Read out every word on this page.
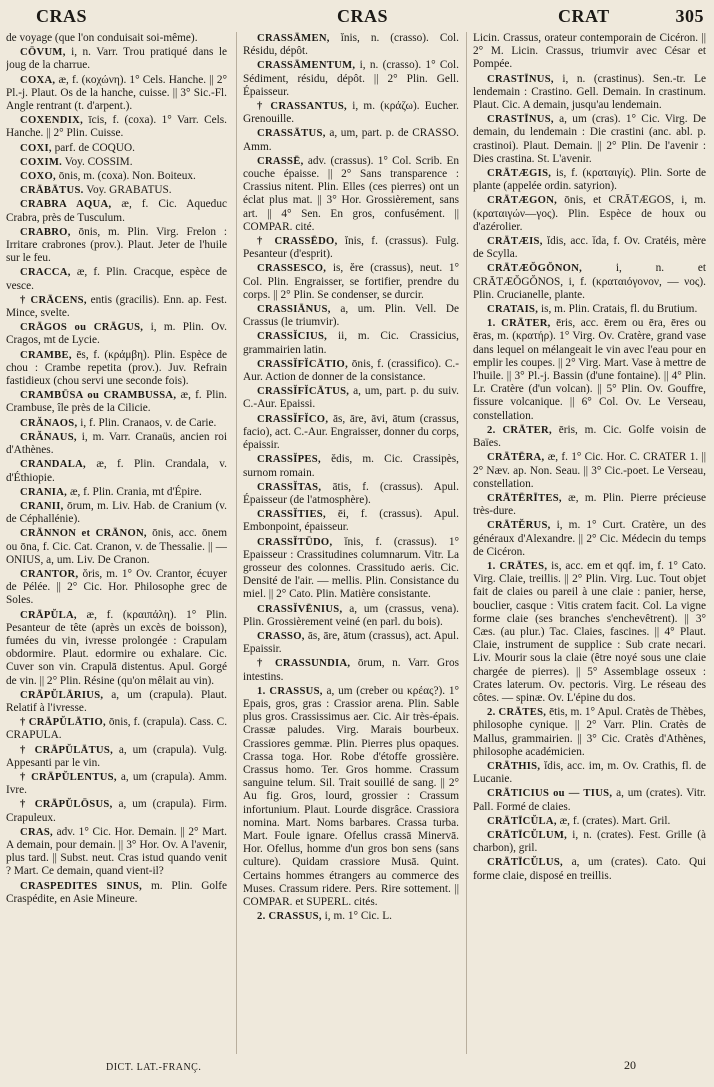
CRAS	CRAS	CRAT	305

de voyage (que l'on conduisait soi-même).

CŌVUM, i, n. Varr. Trou pratiqué dans le joug de la charrue.

COXA, æ, f. (κοχώνη). 1° Cels. Hanche. || 2° Pl.-j. Plaut. Os de la hanche, cuisse. || 3° Sic.-Fl. Angle rentrant (t. d'arpent.).

COXENDIX, īcis, f. (coxa). 1° Varr. Cels. Hanche. || 2° Plin. Cuisse.

COXI, parf. de COQUO.

COXIM. Voy. COSSIM.

COXO, ōnis, m. (coxa). Non. Boiteux.

CRĀBĀTUS. Voy. GRABATUS.

CRABRA AQUA, æ, f. Cic. Aqueduc Crabra, près de Tusculum.

CRABRO, ōnis, m. Plin. Virg. Frelon : Irritare crabrones (prov.). Plaut. Jeter de l'huile sur le feu.

CRACCA, æ, f. Plin. Cracque, espèce de vesce.

† CRĀCENS, entis (gracilis). Enn. ap. Fest. Mince, svelte.

CRĀGOS ou CRĀGUS, i, m. Plin. Ov. Cragos, mt de Lycie.

CRAMBE, ēs, f. (κράμβη). Plin. Espèce de chou : Crambe repetita (prov.). Juv. Refrain fastidieux (chou servi une seconde fois).

CRAMBŪSA ou CRAMBUSSA, æ, f. Plin. Crambuse, île près de la Cilicie.

CRĂNAOS, i, f. Plin. Cranaos, v. de Carie.

CRĂNAUS, i, m. Varr. Cranaüs, ancien roi d'Athènes.

CRANDALA, æ, f. Plin. Crandala, v. d'Éthiopie.

CRANIA, æ, f. Plin. Crania, mt d'Épire.

CRANII, ōrum, m. Liv. Hab. de Cranium (v. de Céphallénie).

CRĀNNON et CRĀNON, ōnis, acc. ōnem ou ōna, f. Cic. Cat. Cranon, v. de Thessalie. || — ONIUS, a, um. Liv. De Cranon.

CRANTOR, ŏris, m. 1° Ov. Crantor, écuyer de Pélée. || 2° Cic. Hor. Philosophe grec de Soles.

CRĀPŬLA, æ, f. (κραιπάλη). 1° Plin. Pesanteur de tête (après un excès de boisson), fumées du vin, ivresse prolongée : Crapulam obdormire. Plaut. edormire ou exhalare. Cic. Cuver son vin. Crapulā distentus. Apul. Gorgé de vin. || 2° Plin. Résine (qu'on mêlait au vin).

CRĀPŬLĀRIUS, a, um (crapula). Plaut. Relatif à l'ivresse.

† CRĀPŬLĀTIO, ōnis, f. (crapula). Cass. C. CRAPULA.

† CRĀPŬLĀTUS, a, um (crapula). Vulg. Appesanti par le vin.

† CRĀPŬLENTUS, a, um (crapula). Amm. Ivre.

† CRĀPŬLŌSUS, a, um (crapula). Firm. Crapuleux.

CRAS, adv. 1° Cic. Hor. Demain. || 2° Mart. A demain, pour demain. || 3° Hor. Ov. A l'avenir, plus tard. || Subst. neut. Cras istud quando venit ? Mart. Ce demain, quand vient-il?

CRASPEDITES SINUS, m. Plin. Golfe Craspédite, en Asie Mineure.

CRASSĀMEN, ĭnis, n. (crasso). Col. Résidu, dépôt.

CRASSĀMENTUM, i, n. (crasso). 1° Col. Sédiment, résidu, dépôt. || 2° Plin. Gell. Épaisseur.

† CRASSANTUS, i, m. (κράζω). Eucher. Grenouille.

CRASSĀTUS, a, um, part. p. de CRASSO. Amm.

CRASSĒ, adv. (crassus). 1° Col. Scrib. En couche épaisse. || 2° Sans transparence : Crassius nitent. Plin. Elles (ces pierres) ont un éclat plus mat. || 3° Hor. Grossièrement, sans art. || 4° Sen. En gros, confusément. || COMPAR. cité.

† CRASSĒDO, ĭnis, f. (crassus). Fulg. Pesanteur (d'esprit).

CRASSESCO, is, ĕre (crassus), neut. 1° Col. Plin. Engraisser, se fortifier, prendre du corps. || 2° Plin. Se condenser, se durcir.

CRASSIĀNUS, a, um. Plin. Vell. De Crassus (le triumvir).

CRASSĬCIUS, ii, m. Cic. Crassicius, grammairien latin.

CRASSĬFĬCĀTIO, ōnis, f. (crassifico). C.-Aur. Action de donner de la consistance.

CRASSĬFĬCĀTUS, a, um, part. p. du suiv. C.-Aur. Epaissi.

CRASSĬFĬCO, ās, āre, āvi, ātum (crassus, facio), act. C.-Aur. Engraisser, donner du corps, épaissir.

CRASSĬPES, ĕdis, m. Cic. Crassipès, surnom romain.

CRASSĬTAS, ātis, f. (crassus). Apul. Épaisseur (de l'atmosphère).

CRASSĬTIES, ēi, f. (crassus). Apul. Embonpoint, épaisseur.

CRASSĬTŪDO, ĭnis, f. (crassus). 1° Epaisseur : Crassitudines columnarum. Vitr. La grosseur des colonnes. Crassitudo aeris. Cic. Densité de l'air. — mellis. Plin. Consistance du miel. || 2° Cato. Plin. Matière consistante.

CRASSĬVĒNIUS, a, um (crassus, vena). Plin. Grossièrement veiné (en parl. du bois).

CRASSO, ās, āre, ātum (crassus), act. Apul. Epaissir.

† CRASSUNDIA, ōrum, n. Varr. Gros intestins.

1. CRASSUS, a, um (creber ou κρέας?). 1° Epais, gros, gras : Crassior arena. Plin. Sable plus gros. Crassissimus aer. Cic. Air très-épais. Crassæ paludes. Virg. Marais bourbeux. Crassiores gemmæ. Plin. Pierres plus opaques. Crassa toga. Hor. Robe d'étoffe grossière. Crassus homo. Ter. Gros homme. Crassum sanguine telum. Sil. Trait souillé de sang. || 2° Au fig. Gros, lourd, grossier : Crassum infortunium. Plaut. Lourde disgrâce. Crassiora nomina. Mart. Noms barbares. Crassa turba. Mart. Foule ignare. Ofellus crassā Minervā. Hor. Ofellus, homme d'un gros bon sens (sans culture). Quidam crassiore Musā. Quint. Certains hommes étrangers au commerce des Muses. Crassum ridere. Pers. Rire sottement. || COMPAR. et SUPERL. cités.

2. CRASSUS, i, m. 1° Cic. L.

Licin. Crassus, orateur contemporain de Cicéron. || 2° M. Licin. Crassus, triumvir avec César et Pompée.

CRASTĪNUS, i, n. (crastinus). Sen.-tr. Le lendemain : Crastino. Gell. Demain. In crastinum. Plaut. Cic. A demain, jusqu'au lendemain.

CRASTĪNUS, a, um (cras). 1° Cic. Virg. De demain, du lendemain : Die crastini (anc. abl. p. crastinoi). Plaut. Demain. || 2° Plin. De l'avenir : Dies crastina. St. L'avenir.

CRĀTÆGIS, is, f. (κραταιγίς). Plin. Sorte de plante (appelée ordin. satyrion).

CRĀTÆGON, ōnis, et CRĀTÆGOS, i, m. (κραταιγών—γος). Plin. Espèce de houx ou d'azérolier.

CRĀTÆIS, ĭdis, acc. ĭda, f. Ov. Cratéis, mère de Scylla.

CRĀTÆŎGŎNON,	i, n. et CRĀTÆŎGŎNOS, i, f. (κραταιόγονον, — νος). Plin. Crucianelle, plante.

CRATAIS, is, m. Plin. Cratais, fl. du Brutium.

1. CRĀTER, ēris, acc. ērem ou ēra, ēres ou ēras, m. (κρατήρ). 1° Virg. Ov. Cratère, grand vase dans lequel on mélangeait le vin avec l'eau pour en emplir les coupes. || 2° Virg. Mart. Vase à mettre de l'huile. || 3° Pl.-j. Bassin (d'une fontaine). || 4° Plin. Lr. Cratère (d'un volcan). || 5° Plin. Ov. Gouffre, fissure volcanique. || 6° Col. Ov. Le Verseau, constellation.

2. CRĀTER, ēris, m. Cic. Golfe voisin de Baïes.

CRĀTĒRA, æ, f. 1° Cic. Hor. C. CRATER 1. || 2° Næv. ap. Non. Seau. || 3° Cic.-poet. Le Verseau, constellation.

CRĀTĒRĪTES, æ, m. Plin. Pierre précieuse très-dure.

CRĀTĔRUS, i, m. 1° Curt. Cratère, un des généraux d'Alexandre. || 2° Cic. Médecin du temps de Cicéron.

1. CRĀTES, is, acc. em et qqf. im, f. 1° Cato. Virg. Claie, treillis. || 2° Plin. Virg. Luc. Tout objet fait de claies ou pareil à une claie : panier, herse, bouclier, casque : Vitis cratem facit. Col. La vigne forme claie (ses branches s'enchevêtrent). || 3° Cæs. (au plur.) Tac. Claies, fascines. || 4° Plaut. Claie, instrument de supplice : Sub crate necari. Liv. Mourir sous la claie (être noyé sous une claie chargée de pierres). || 5° Assemblage osseux : Crates laterum. Ov. pectoris. Virg. Le réseau des côtes. — spinæ. Ov. L'épine du dos.

2. CRĀTES, ētis, m. 1° Apul. Cratès de Thèbes, philosophe cynique. || 2° Varr. Plin. Cratès de Mallus, grammairien. || 3° Cic. Cratès d'Athènes, philosophe académicien.

CRĀTHIS, ĭdis, acc. im, m. Ov. Crathis, fl. de Lucanie.

CRĀTICIUS ou — TIUS, a, um (crates). Vitr. Pall. Formé de claies.

CRĀTĪCŬLA, æ, f. (crates). Mart. Gril.

CRĀTĪCŬLUM, i, n. (crates). Fest. Grille (à charbon), gril.

CRĀTĪCŬLUS, a, um (crates). Cato. Qui forme claie, disposé en treillis.

DICT. LAT.-FRANÇ.	20
